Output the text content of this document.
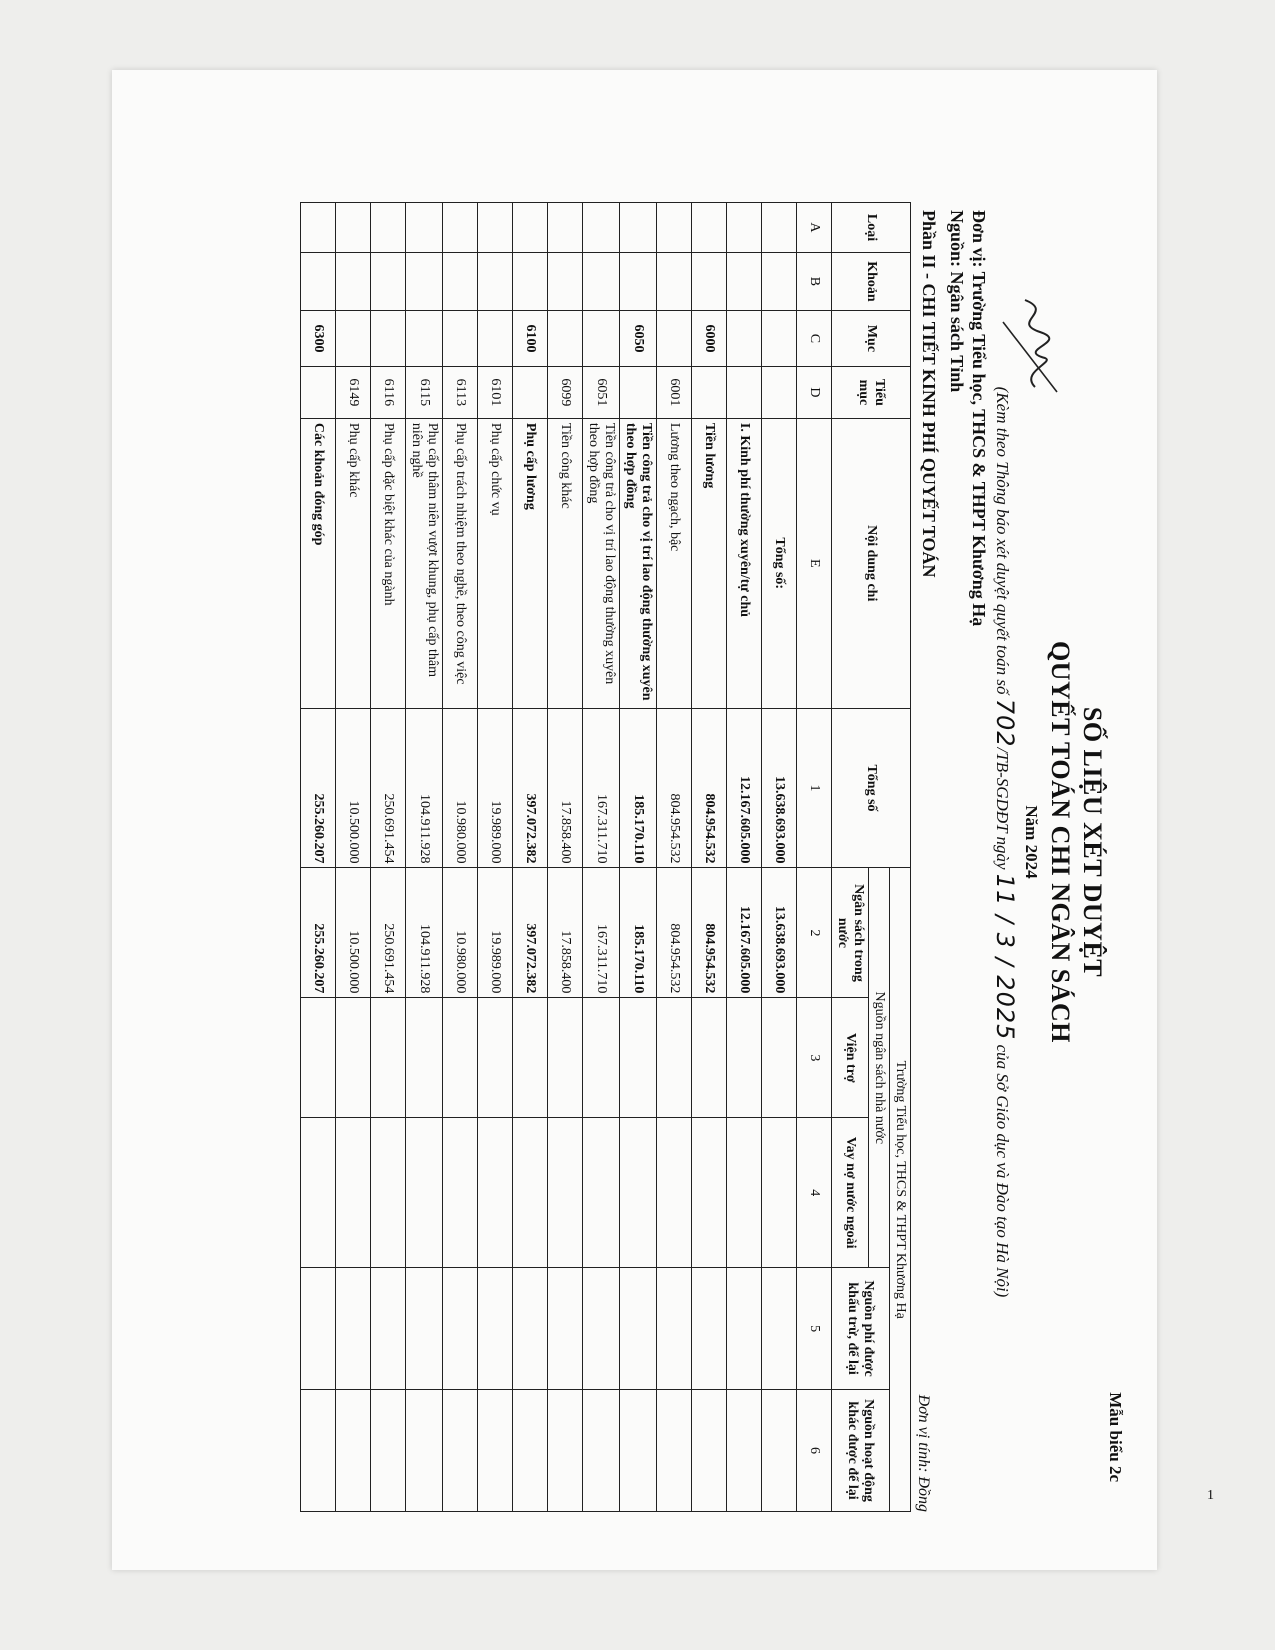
Mẫu biểu 2c
SỐ LIỆU XÉT DUYỆT
QUYẾT TOÁN CHI NGÂN SÁCH
Năm 2024
(Kèm theo Thông báo xét duyệt quyết toán số 702/TB-SGDĐT ngày 11 / 3 / 2025 của Sở Giáo dục và Đào tạo Hà Nội)
Đơn vị: Trường Tiểu học, THCS & THPT Khương Hạ
Nguồn: Ngân sách Tỉnh
Phần II - CHI TIẾT KINH PHÍ QUYẾT TOÁN
Đơn vị tính: Đồng
Loại	Khoản	Mục	Tiểu mục	Nội dung chi	Tổng số	Trường Tiểu học, THCS & THPT Khương Hạ				
						Nguồn ngân sách nhà nước			Nguồn phí được khấu trừ, để lại	Nguồn hoạt động khác được để lại
						Ngân sách trong nước	Viện trợ	Vay nợ nước ngoài		
A	B	C	D	E	1	2	3	4	5	6
				Tổng số:	13.638.693.000	13.638.693.000				
				I. Kinh phí thường xuyên/tự chủ	12.167.605.000	12.167.605.000				
		6000		Tiền lương	804.954.532	804.954.532				
			6001	Lương theo ngạch, bậc	804.954.532	804.954.532				
		6050		Tiền công trả cho vị trí lao động thường xuyên theo hợp đồng	185.170.110	185.170.110				
			6051	Tiền công trả cho vị trí lao động thường xuyên theo hợp đồng	167.311.710	167.311.710				
			6099	Tiền công khác	17.858.400	17.858.400				
		6100		Phụ cấp lương	397.072.382	397.072.382				
			6101	Phụ cấp chức vụ	19.989.000	19.989.000				
			6113	Phụ cấp trách nhiệm theo nghề, theo công việc	10.980.000	10.980.000				
			6115	Phụ cấp thâm niên vượt khung, phụ cấp thâm niên nghề	104.911.928	104.911.928				
			6116	Phụ cấp đặc biệt khác của ngành	250.691.454	250.691.454				
			6149	Phụ cấp khác	10.500.000	10.500.000				
		6300		Các khoản đóng góp	255.260.207	255.260.207				
1
